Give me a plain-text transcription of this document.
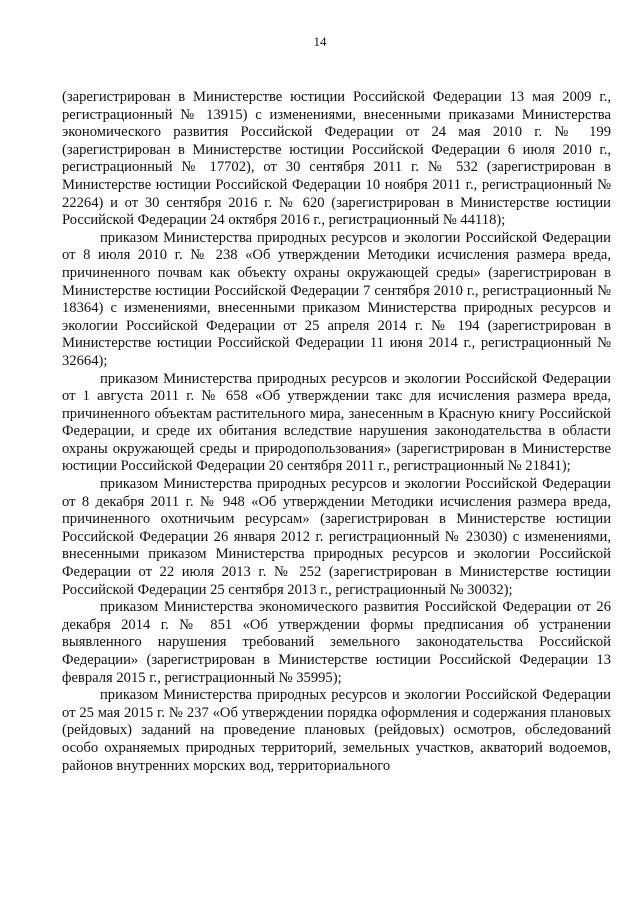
14

(зарегистрирован в Министерстве юстиции Российской Федерации 13 мая 2009 г., регистрационный № 13915) с изменениями, внесенными приказами Министерства экономического развития Российской Федерации от 24 мая 2010 г. № 199 (зарегистрирован в Министерстве юстиции Российской Федерации 6 июля 2010 г., регистрационный № 17702), от 30 сентября 2011 г. № 532 (зарегистрирован в Министерстве юстиции Российской Федерации 10 ноября 2011 г., регистрационный № 22264) и от 30 сентября 2016 г. № 620 (зарегистрирован в Министерстве юстиции Российской Федерации 24 октября 2016 г., регистрационный № 44118);

приказом Министерства природных ресурсов и экологии Российской Федерации от 8 июля 2010 г. № 238 «Об утверждении Методики исчисления размера вреда, причиненного почвам как объекту охраны окружающей среды» (зарегистрирован в Министерстве юстиции Российской Федерации 7 сентября 2010 г., регистрационный № 18364) с изменениями, внесенными приказом Министерства природных ресурсов и экологии Российской Федерации от 25 апреля 2014 г. № 194 (зарегистрирован в Министерстве юстиции Российской Федерации 11 июня 2014 г., регистрационный № 32664);

приказом Министерства природных ресурсов и экологии Российской Федерации от 1 августа 2011 г. № 658 «Об утверждении такс для исчисления размера вреда, причиненного объектам растительного мира, занесенным в Красную книгу Российской Федерации, и среде их обитания вследствие нарушения законодательства в области охраны окружающей среды и природопользования» (зарегистрирован в Министерстве юстиции Российской Федерации 20 сентября 2011 г., регистрационный № 21841);

приказом Министерства природных ресурсов и экологии Российской Федерации от 8 декабря 2011 г. № 948 «Об утверждении Методики исчисления размера вреда, причиненного охотничьим ресурсам» (зарегистрирован в Министерстве юстиции Российской Федерации 26 января 2012 г. регистрационный № 23030) с изменениями, внесенными приказом Министерства природных ресурсов и экологии Российской Федерации от 22 июля 2013 г. № 252 (зарегистрирован в Министерстве юстиции Российской Федерации 25 сентября 2013 г., регистрационный № 30032);

приказом Министерства экономического развития Российской Федерации от 26 декабря 2014 г. № 851 «Об утверждении формы предписания об устранении выявленного нарушения требований земельного законодательства Российской Федерации» (зарегистрирован в Министерстве юстиции Российской Федерации 13 февраля 2015 г., регистрационный № 35995);

приказом Министерства природных ресурсов и экологии Российской Федерации от 25 мая 2015 г. № 237 «Об утверждении порядка оформления и содержания плановых (рейдовых) заданий на проведение плановых (рейдовых) осмотров, обследований особо охраняемых природных территорий, земельных участков, акваторий водоемов, районов внутренних морских вод, территориального
